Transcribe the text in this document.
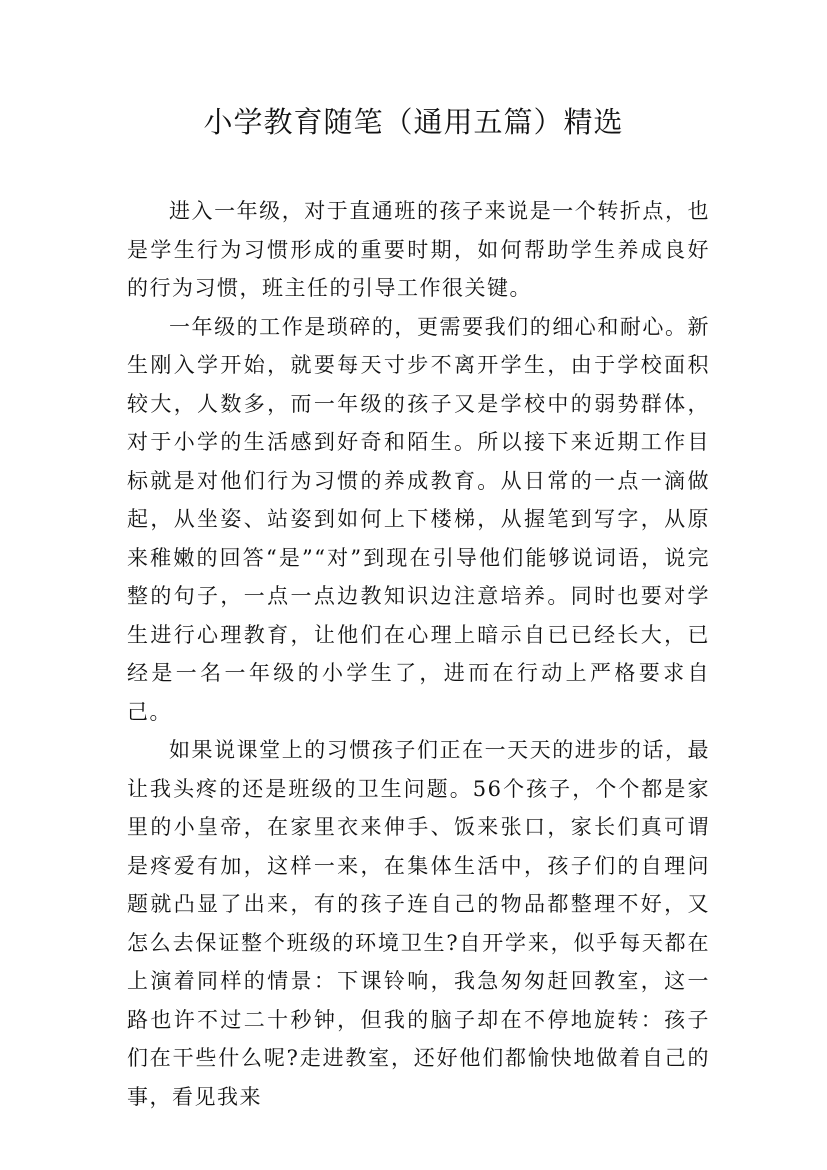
小学教育随笔（通用五篇）精选

进入一年级，对于直通班的孩子来说是一个转折点，也是学生行为习惯形成的重要时期，如何帮助学生养成良好的行为习惯，班主任的引导工作很关键。

一年级的工作是琐碎的，更需要我们的细心和耐心。新生刚入学开始，就要每天寸步不离开学生，由于学校面积较大，人数多，而一年级的孩子又是学校中的弱势群体，对于小学的生活感到好奇和陌生。所以接下来近期工作目标就是对他们行为习惯的养成教育。从日常的一点一滴做起，从坐姿、站姿到如何上下楼梯，从握笔到写字，从原来稚嫩的回答“是”“对”到现在引导他们能够说词语，说完整的句子，一点一点边教知识边注意培养。同时也要对学生进行心理教育，让他们在心理上暗示自已已经长大，已经是一名一年级的小学生了，进而在行动上严格要求自己。

如果说课堂上的习惯孩子们正在一天天的进步的话，最让我头疼的还是班级的卫生问题。56个孩子，个个都是家里的小皇帝，在家里衣来伸手、饭来张口，家长们真可谓是疼爱有加，这样一来，在集体生活中，孩子们的自理问题就凸显了出来，有的孩子连自己的物品都整理不好，又怎么去保证整个班级的环境卫生?自开学来，似乎每天都在上演着同样的情景：下课铃响，我急匆匆赶回教室，这一路也许不过二十秒钟，但我的脑子却在不停地旋转：孩子们在干些什么呢?走进教室，还好他们都愉快地做着自己的事，看见我来
